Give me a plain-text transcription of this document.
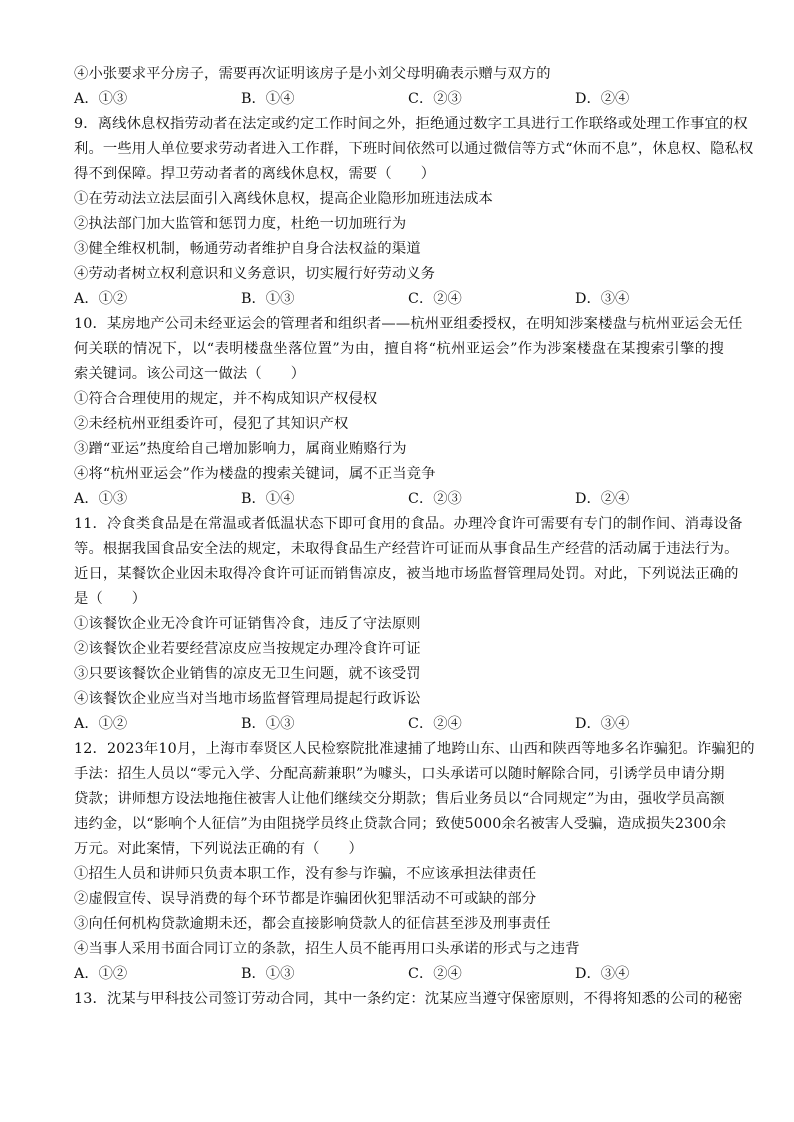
④小张要求平分房子，需要再次证明该房子是小刘父母明确表示赠与双方的
A．①③	B．①④	C．②③	D．②④
9．离线休息权指劳动者在法定或约定工作时间之外，拒绝通过数字工具进行工作联络或处理工作事宜的权
利。一些用人单位要求劳动者进入工作群，下班时间依然可以通过微信等方式“休而不息”，休息权、隐私权
得不到保障。捍卫劳动者者的离线休息权，需要（　　）
①在劳动法立法层面引入离线休息权，提高企业隐形加班违法成本
②执法部门加大监管和惩罚力度，杜绝一切加班行为
③健全维权机制，畅通劳动者维护自身合法权益的渠道
④劳动者树立权利意识和义务意识，切实履行好劳动义务
A．①②	B．①③	C．②④	D．③④
10．某房地产公司未经亚运会的管理者和组织者——杭州亚组委授权，在明知涉案楼盘与杭州亚运会无任
何关联的情况下，以“表明楼盘坐落位置”为由，擅自将“杭州亚运会”作为涉案楼盘在某搜索引擎的搜
索关键词。该公司这一做法（　　）
①符合合理使用的规定，并不构成知识产权侵权
②未经杭州亚组委许可，侵犯了其知识产权
③蹭“亚运”热度给自己增加影响力，属商业贿赂行为
④将“杭州亚运会”作为楼盘的搜索关键词，属不正当竞争
A．①③	B．①④	C．②③	D．②④
11．冷食类食品是在常温或者低温状态下即可食用的食品。办理冷食许可需要有专门的制作间、消毒设备
等。根据我国食品安全法的规定，未取得食品生产经营许可证而从事食品生产经营的活动属于违法行为。
近日，某餐饮企业因未取得冷食许可证而销售凉皮，被当地市场监督管理局处罚。对此，下列说法正确的
是（　　）
①该餐饮企业无冷食许可证销售冷食，违反了守法原则
②该餐饮企业若要经营凉皮应当按规定办理冷食许可证
③只要该餐饮企业销售的凉皮无卫生问题，就不该受罚
④该餐饮企业应当对当地市场监督管理局提起行政诉讼
A．①②	B．①③	C．②④	D．③④
12．2023年10月，上海市奉贤区人民检察院批准逮捕了地跨山东、山西和陕西等地多名诈骗犯。诈骗犯的
手法：招生人员以“零元入学、分配高薪兼职”为噱头，口头承诺可以随时解除合同，引诱学员申请分期
贷款；讲师想方设法地拖住被害人让他们继续交分期款；售后业务员以“合同规定”为由，强收学员高额
违约金，以“影响个人征信”为由阻挠学员终止贷款合同；致使5000余名被害人受骗，造成损失2300余
万元。对此案情，下列说法正确的有（　　）
①招生人员和讲师只负责本职工作，没有参与诈骗，不应该承担法律责任
②虚假宣传、误导消费的每个环节都是诈骗团伙犯罪活动不可或缺的部分
③向任何机构贷款逾期未还，都会直接影响贷款人的征信甚至涉及刑事责任
④当事人采用书面合同订立的条款，招生人员不能再用口头承诺的形式与之违背
A．①②	B．①③	C．②④	D．③④
13．沈某与甲科技公司签订劳动合同，其中一条约定：沈某应当遵守保密原则，不得将知悉的公司的秘密
